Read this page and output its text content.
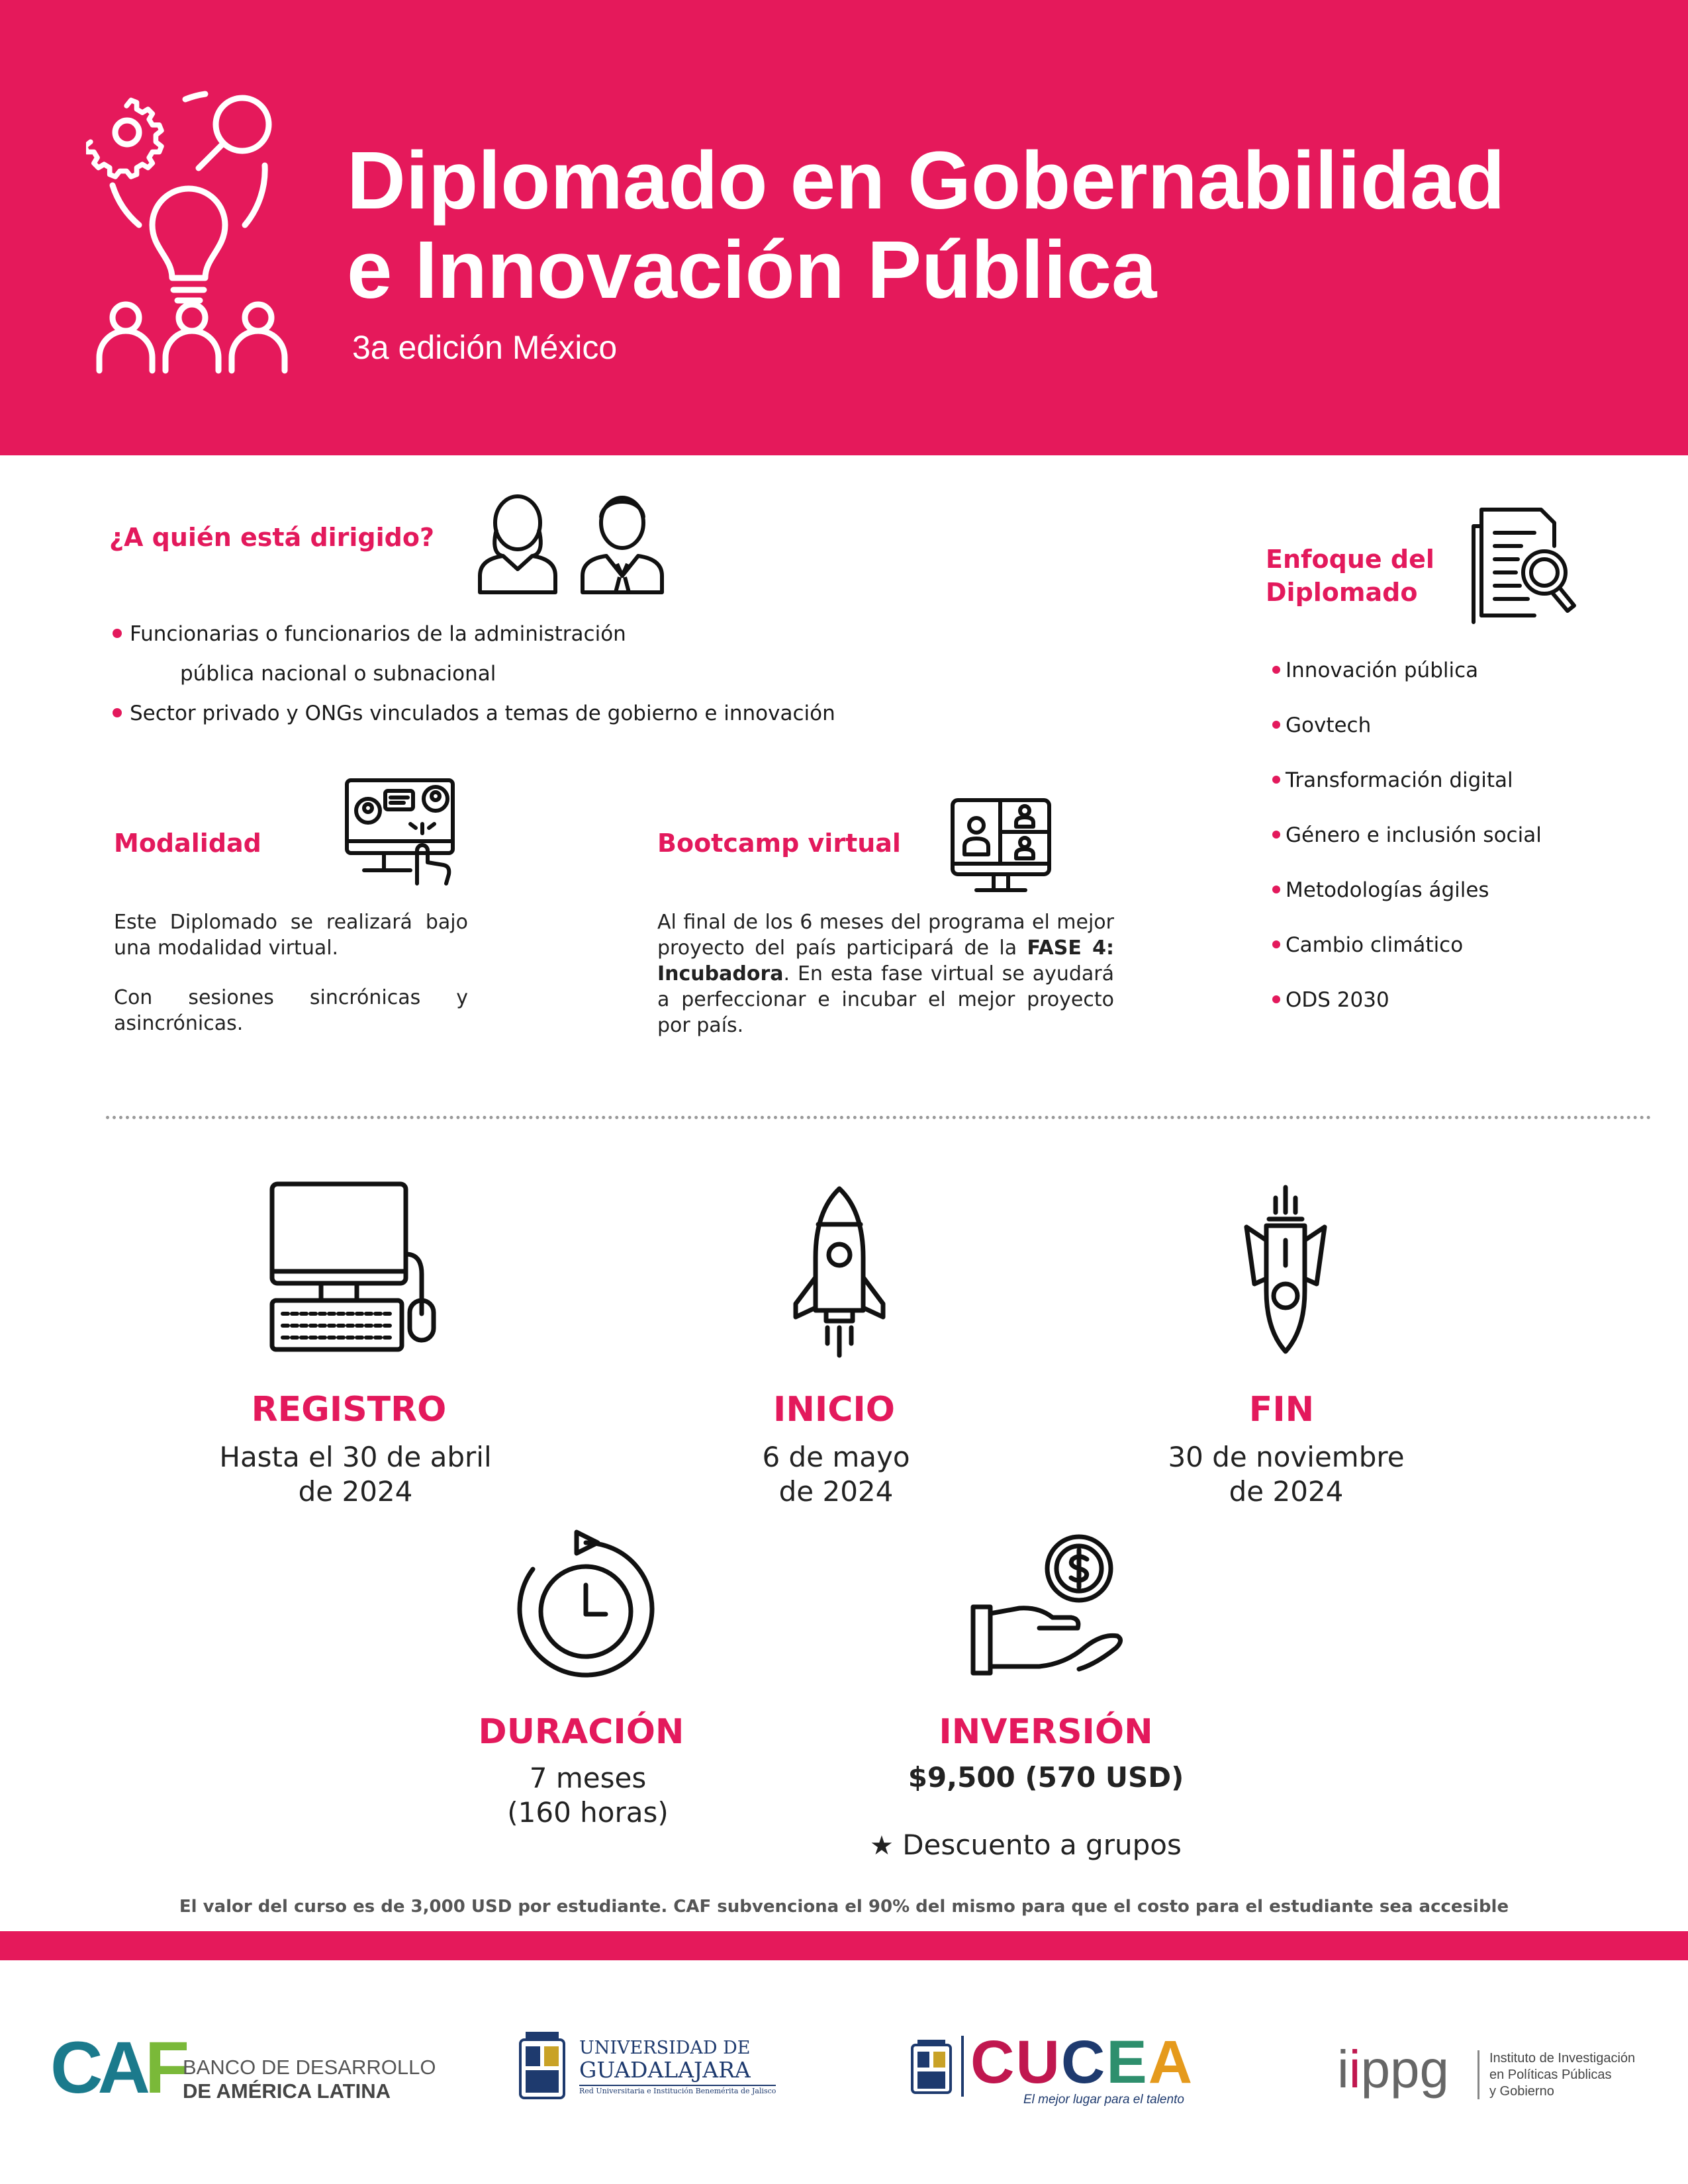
Diplomado en Gobernabilidad
e Innovación Pública
3a edición México
¿A quién está dirigido?
Funcionarias o funcionarios de la administración
pública nacional o subnacional
Sector privado y ONGs vinculados a temas de gobierno e innovación
Enfoque del
Diplomado
Innovación pública
Govtech
Transformación digital
Género e inclusión social
Metodologías ágiles
Cambio climático
ODS 2030
Modalidad
Este Diplomado se realizará bajo una modalidad virtual.
Con sesiones sincrónicas y asincrónicas.
Bootcamp virtual
Al final de los 6 meses del programa el mejor proyecto del país participará de la FASE 4: Incubadora. En esta fase virtual se ayudará a perfeccionar e incubar el mejor proyecto por país.
REGISTRO
Hasta el 30 de abril
de 2024
INICIO
6 de mayo
de 2024
FIN
30 de noviembre
de 2024
DURACIÓN
7 meses
(160 horas)
INVERSIÓN
$9,500 (570 USD)
★ Descuento a grupos
El valor del curso es de 3,000 USD por estudiante. CAF subvenciona el 90% del mismo para que el costo para el estudiante sea accesible
CAF
BANCO DE DESARROLLO
DE AMÉRICA LATINA
UNIVERSIDAD DE
GUADALAJARA
Red Universitaria e Institución Benemérita de Jalisco	CUCEA
El mejor lugar para el talento
iippg	Instituto de Investigación
en Políticas Públicas
y Gobierno
